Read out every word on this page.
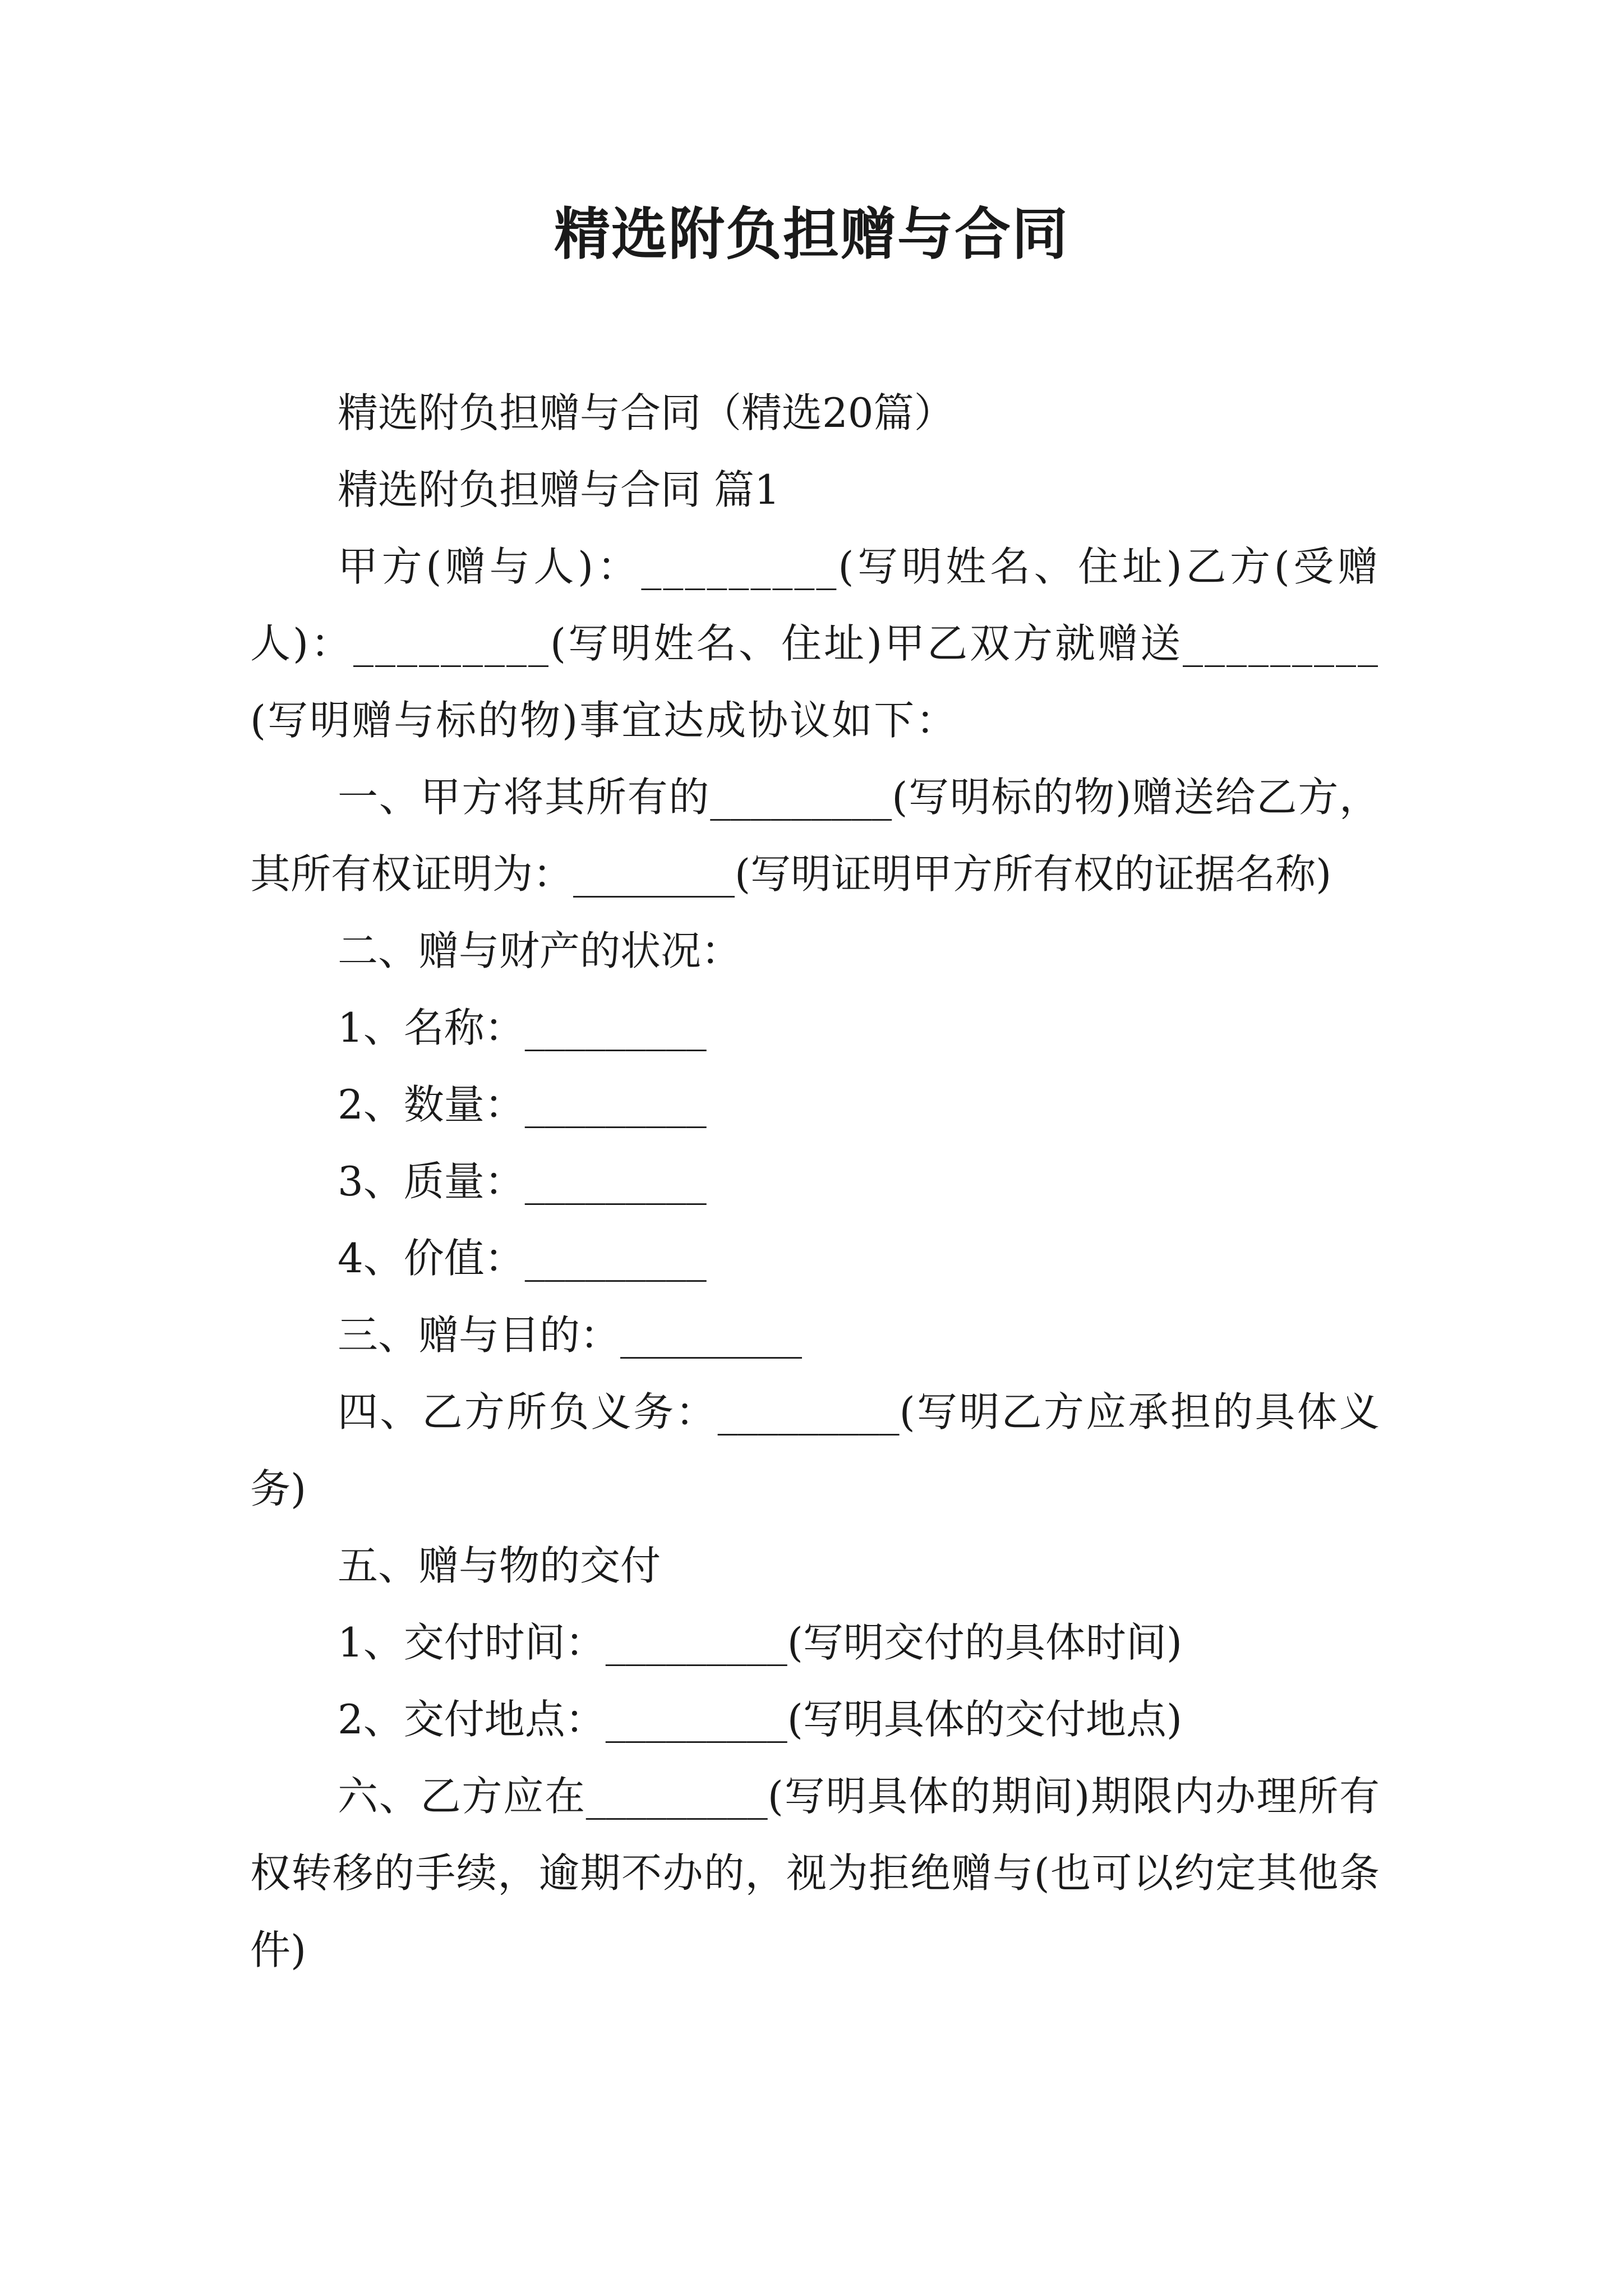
精选附负担赠与合同

精选附负担赠与合同（精选20篇）

精选附负担赠与合同 篇1

甲方(赠与人)：_________(写明姓名、住址)乙方(受赠人)：_________(写明姓名、住址)甲乙双方就赠送_________(写明赠与标的物)事宜达成协议如下：

一、甲方将其所有的_________(写明标的物)赠送给乙方，其所有权证明为：________(写明证明甲方所有权的证据名称)

二、赠与财产的状况：

1、名称：_________

2、数量：_________

3、质量：_________

4、价值：_________

三、赠与目的：_________

四、乙方所负义务：_________(写明乙方应承担的具体义务)

五、赠与物的交付

1、交付时间：_________(写明交付的具体时间)

2、交付地点：_________(写明具体的交付地点)

六、乙方应在_________(写明具体的期间)期限内办理所有权转移的手续，逾期不办的，视为拒绝赠与(也可以约定其他条件)
